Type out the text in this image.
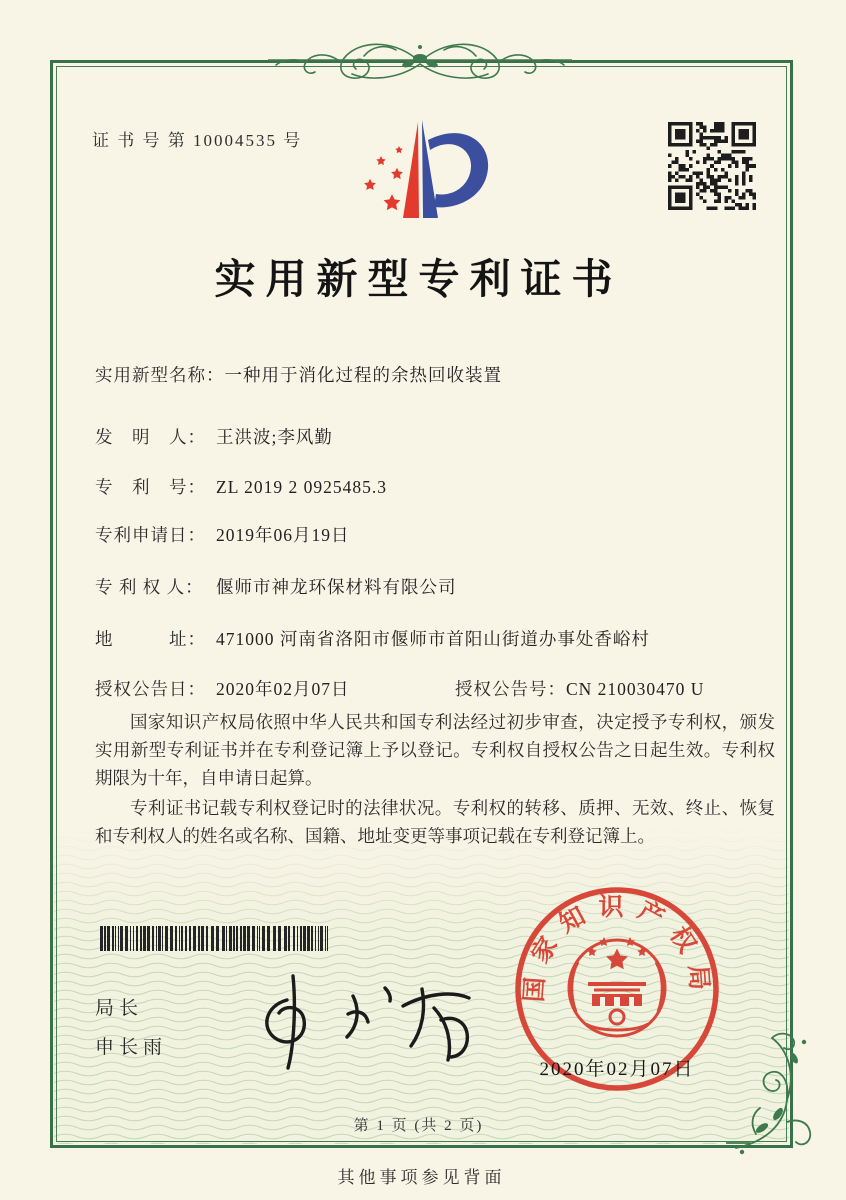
证 书 号 第 10004535 号
实用新型专利证书
实用新型名称：一种用于消化过程的余热回收装置
发　明　人： 王洪波;李风勤
专　利　号： ZL 2019 2 0925485.3
专利申请日： 2019年06月19日
专 利 权 人： 偃师市神龙环保材料有限公司
地　　　址： 471000 河南省洛阳市偃师市首阳山街道办事处香峪村
授权公告日： 2020年02月07日	授权公告号：CN 210030470 U

国家知识产权局依照中华人民共和国专利法经过初步审查，决定授予专利权，颁发实用新型专利证书并在专利登记簿上予以登记。专利权自授权公告之日起生效。专利权期限为十年，自申请日起算。

专利证书记载专利权登记时的法律状况。专利权的转移、质押、无效、终止、恢复和专利权人的姓名或名称、国籍、地址变更等事项记载在专利登记簿上。

局长
申长雨
国家知识产权局
2020年02月07日
第 1 页 (共 2 页)
其他事项参见背面
